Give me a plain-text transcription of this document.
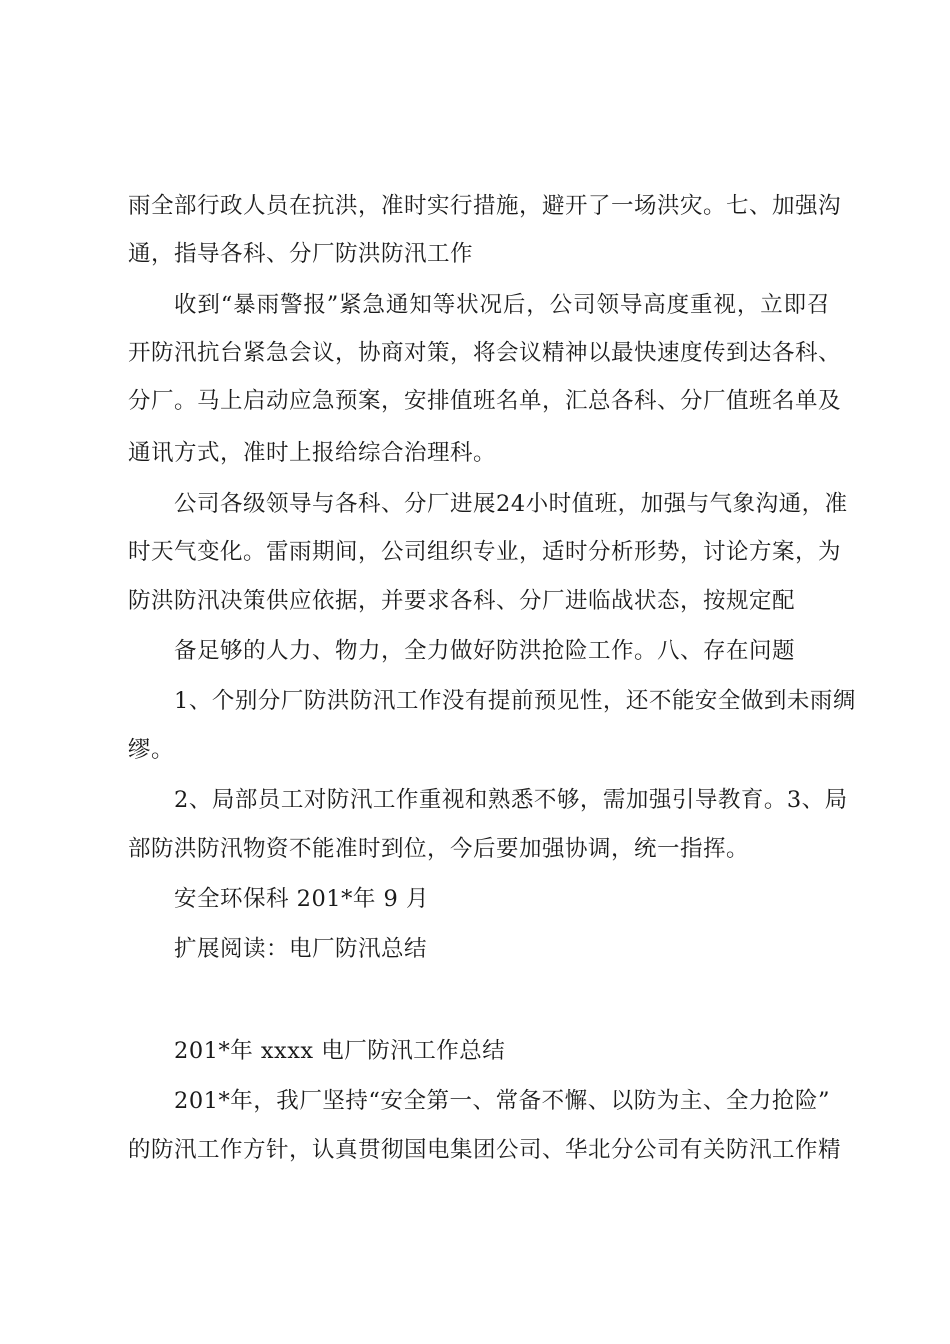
雨全部行政人员在抗洪，准时实行措施，避开了一场洪灾。七、加强沟
通，指导各科、分厂防洪防汛工作
收到“暴雨警报”紧急通知等状况后，公司领导高度重视，立即召
开防汛抗台紧急会议，协商对策，将会议精神以最快速度传到达各科、
分厂。马上启动应急预案，安排值班名单，汇总各科、分厂值班名单及
通讯方式，准时上报给综合治理科。
公司各级领导与各科、分厂进展24小时值班，加强与气象沟通，准
时天气变化。雷雨期间，公司组织专业，适时分析形势，讨论方案，为
防洪防汛决策供应依据，并要求各科、分厂进临战状态，按规定配
备足够的人力、物力，全力做好防洪抢险工作。八、存在问题
1、个别分厂防洪防汛工作没有提前预见性，还不能安全做到未雨绸
缪。
2、局部员工对防汛工作重视和熟悉不够，需加强引导教育。3、局
部防洪防汛物资不能准时到位，今后要加强协调，统一指挥。
安全环保科 201*年 9 月
扩展阅读：电厂防汛总结
201*年 xxxx 电厂防汛工作总结
201*年，我厂坚持“安全第一、常备不懈、以防为主、全力抢险”
的防汛工作方针，认真贯彻国电集团公司、华北分公司有关防汛工作精
